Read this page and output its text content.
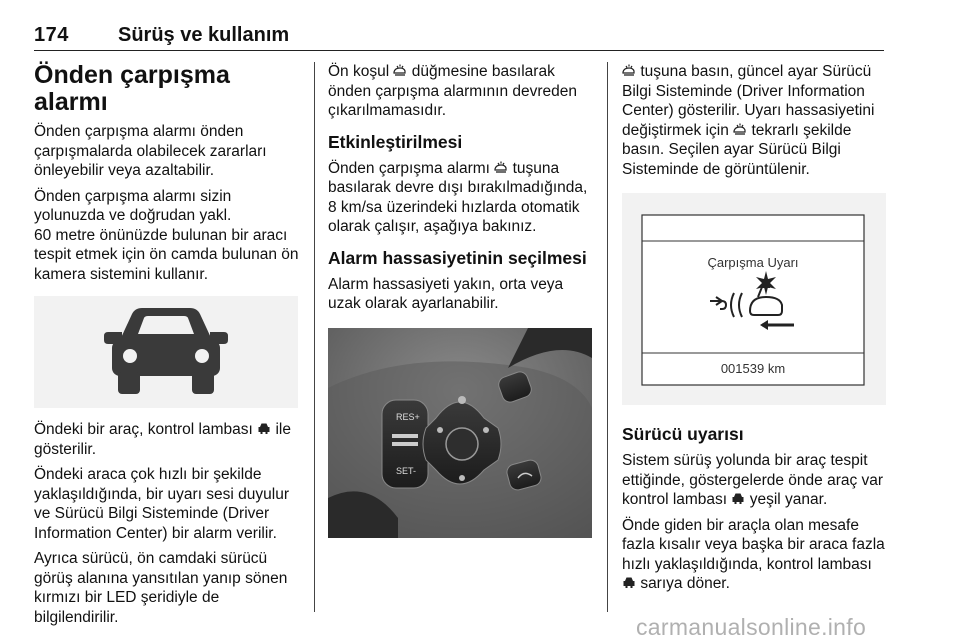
174 Sürüş ve kullanım
Önden çarpışma alarmı

Önden çarpışma alarmı önden çarpışmalarda olabilecek zararları önleyebilir veya azaltabilir.

Önden çarpışma alarmı sizin yolunuzda ve doğrudan yakl.
60 metre önünüzde bulunan bir aracı tespit etmek için ön camda bulunan ön kamera sistemini kullanır.

Öndeki bir araç, kontrol lambası ile gösterilir.

Öndeki araca çok hızlı bir şekilde yaklaşıldığında, bir uyarı sesi duyulur ve Sürücü Bilgi Sisteminde (Driver Information Center) bir alarm verilir.

Ayrıca sürücü, ön camdaki sürücü görüş alanına yansıtılan yanıp sönen kırmızı bir LED şeridiyle de bilgilendirilir.

Ön koşul düğmesine basılarak önden çarpışma alarmının devreden çıkarılmamasıdır.

Etkinleştirilmesi

Önden çarpışma alarmı tuşuna basılarak devre dışı bırakılmadığında, 8 km/sa üzerindeki hızlarda otomatik olarak çalışır, aşağıya bakınız.

Alarm hassasiyetinin seçilmesi

Alarm hassasiyeti yakın, orta veya uzak olarak ayarlanabilir.

RES+
SET-

tuşuna basın, güncel ayar Sürücü Bilgi Sisteminde (Driver Information Center) gösterilir. Uyarı hassasiyetini değiştirmek için tekrarlı şekilde basın. Seçilen ayar Sürücü Bilgi Sisteminde de görüntülenir.

Çarpışma Uyarı
001539 km
Sürücü uyarısı

Sistem sürüş yolunda bir araç tespit ettiğinde, göstergelerde önde araç var kontrol lambası yeşil yanar.

Önde giden bir araçla olan mesafe fazla kısalır veya başka bir araca fazla hızlı yaklaşıldığında, kontrol lambası  sarıya döner.

carmanualsonline.info
